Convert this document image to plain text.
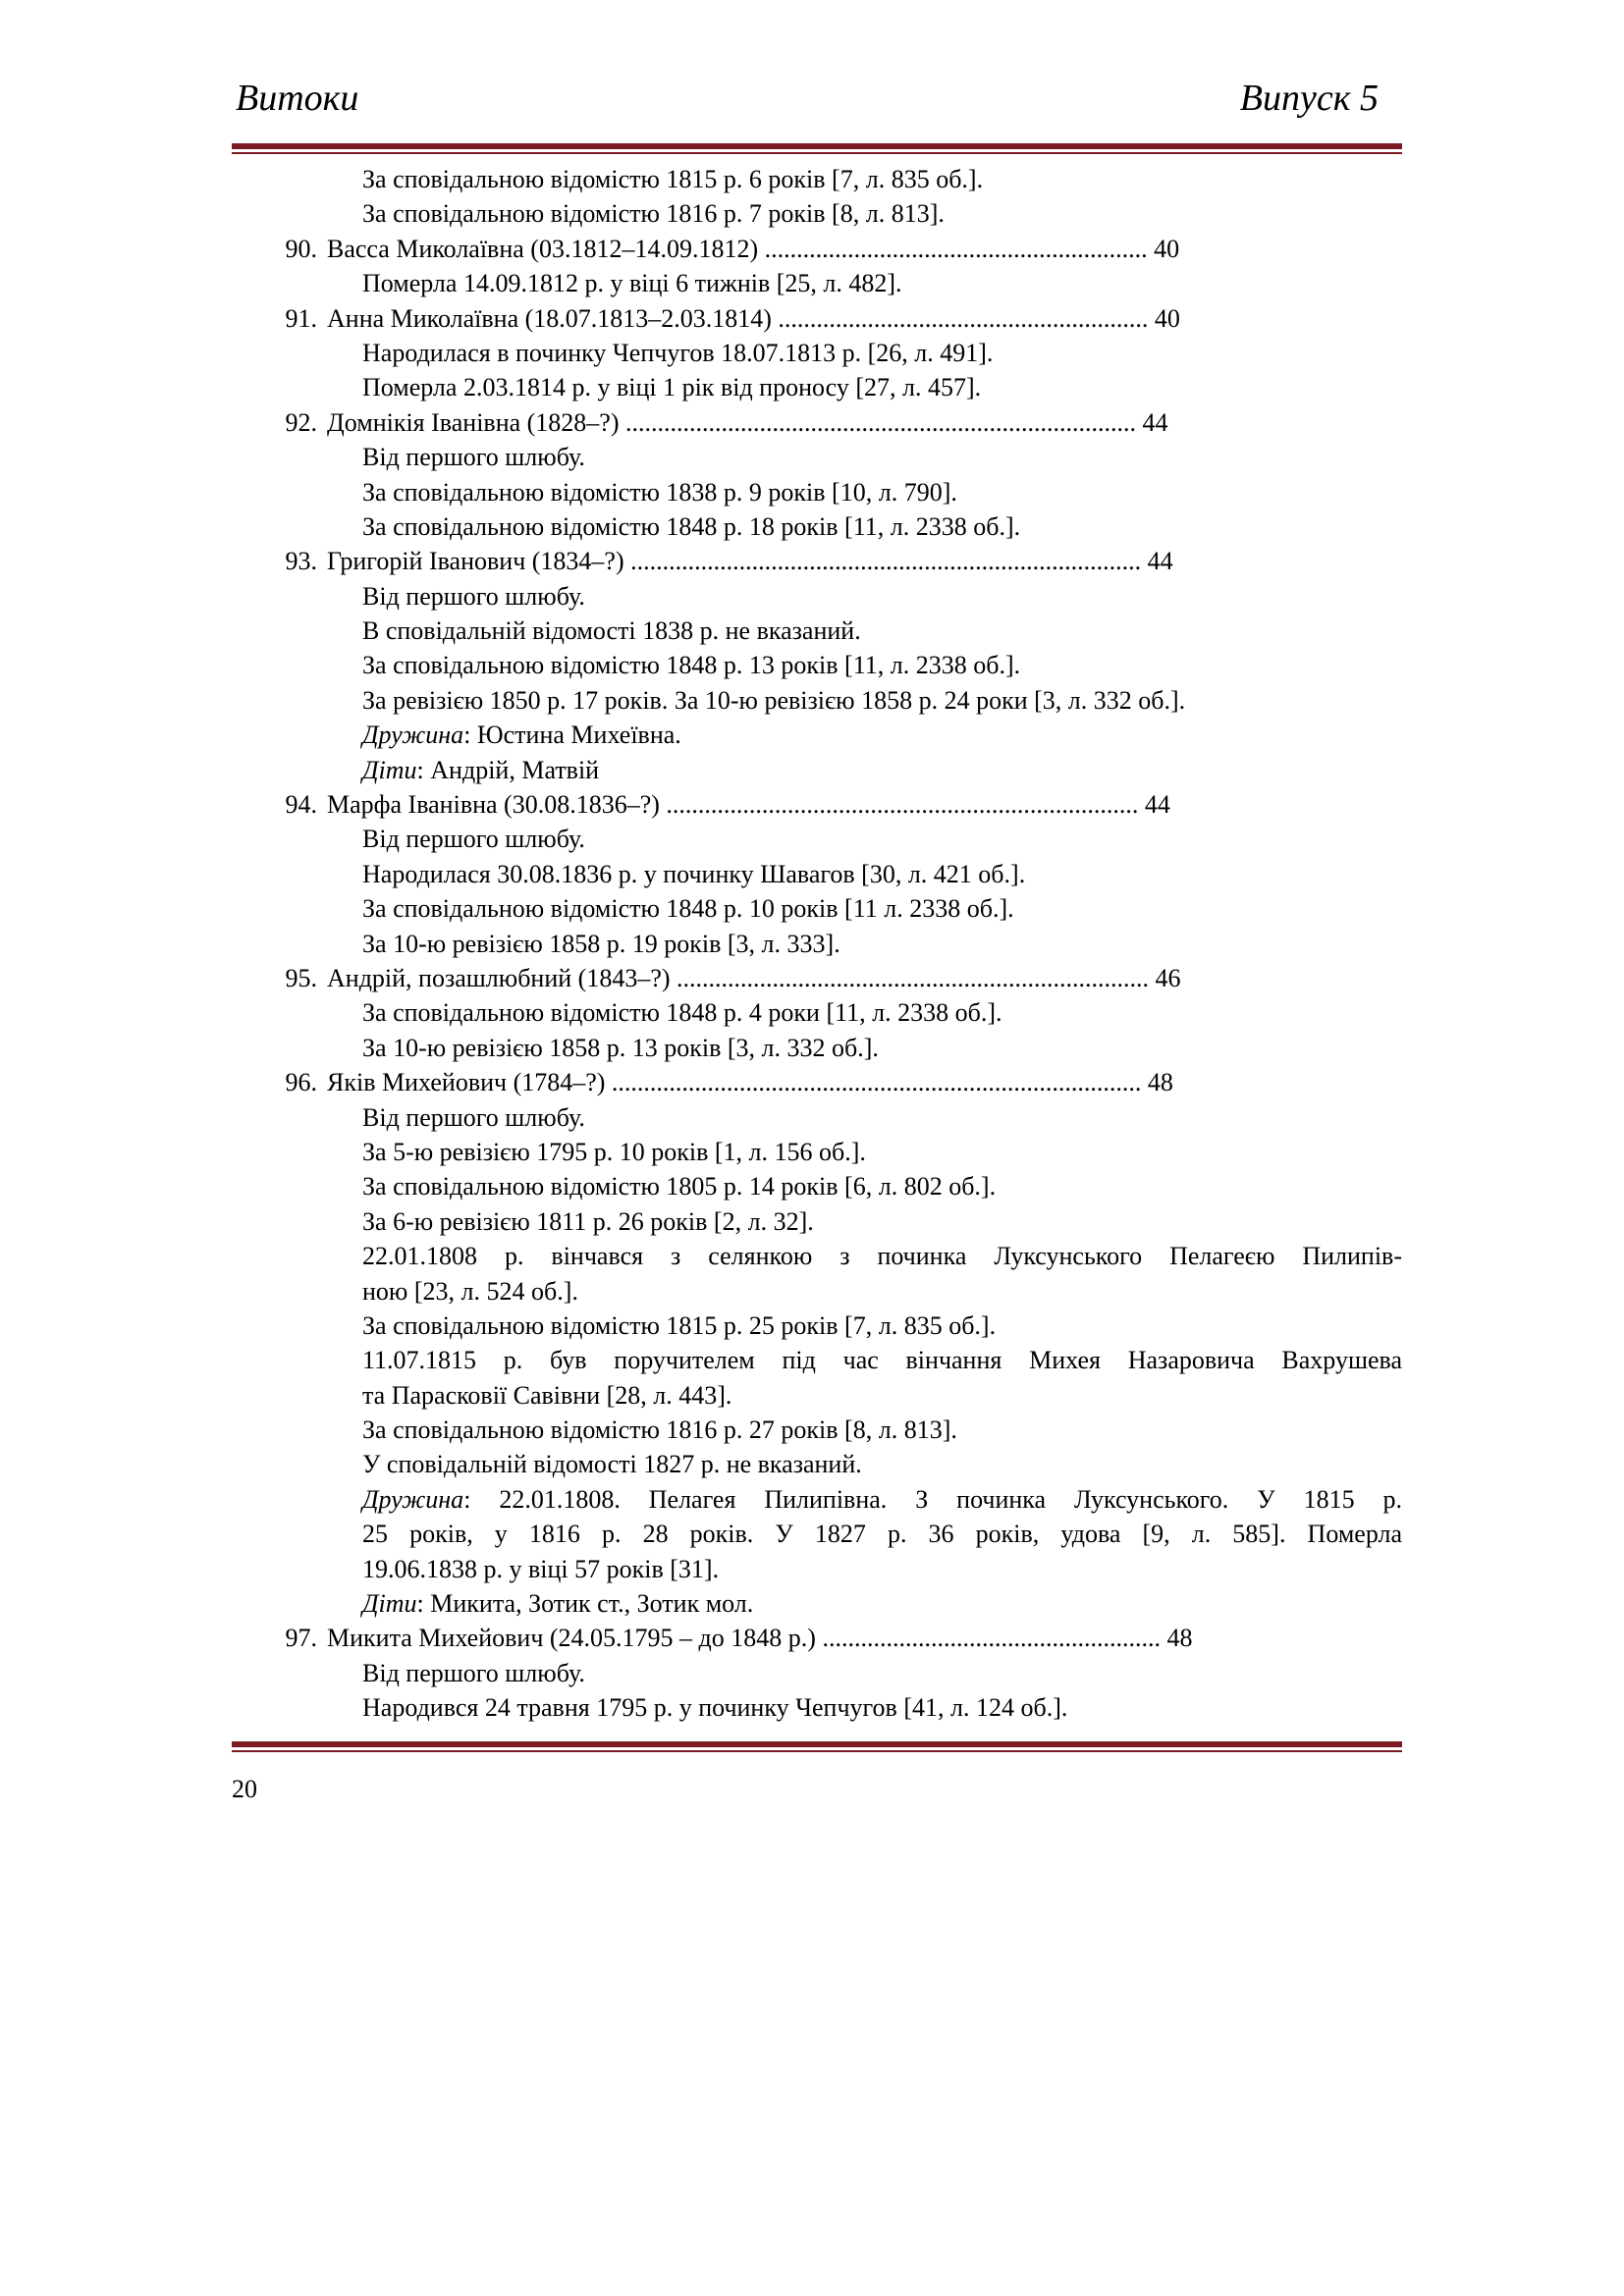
Витоки	Випуск 5
За сповідальною відомістю 1815 р. 6 років [7, л. 835 об.].
За сповідальною відомістю 1816 р. 7 років [8, л. 813].
90. Васса Миколаївна (03.1812–14.09.1812) ............................................................ 40
Померла 14.09.1812 р. у віці 6 тижнів [25, л. 482].
91. Анна Миколаївна (18.07.1813–2.03.1814) .......................................................... 40
Народилася в починку Чепчугов 18.07.1813 р. [26, л. 491].
Померла 2.03.1814 р. у віці 1 рік від проносу [27, л. 457].
92. Домнікія Іванівна (1828–?) ................................................................................ 44
Від першого шлюбу.
За сповідальною відомістю 1838 р. 9 років [10, л. 790].
За сповідальною відомістю 1848 р. 18 років [11, л. 2338 об.].
93. Григорій Іванович (1834–?) ................................................................................ 44
Від першого шлюбу.
В сповідальній відомості 1838 р. не вказаний.
За сповідальною відомістю 1848 р. 13 років [11, л. 2338 об.].
За ревізією 1850 р. 17 років. За 10-ю ревізією 1858 р. 24 роки [3, л. 332 об.].
Дружина: Юстина Михеївна.
Діти: Андрій, Матвій
94. Марфа Іванівна (30.08.1836–?) .......................................................................... 44
Від першого шлюбу.
Народилася 30.08.1836 р. у починку Шавагов [30, л. 421 об.].
За сповідальною відомістю 1848 р. 10 років [11 л. 2338 об.].
За 10-ю ревізією 1858 р. 19 років [3, л. 333].
95. Андрій, позашлюбний (1843–?) .......................................................................... 46
За сповідальною відомістю 1848 р. 4 роки [11, л. 2338 об.].
За 10-ю ревізією 1858 р. 13 років [3, л. 332 об.].
96. Яків Михейович (1784–?) ................................................................................... 48
Від першого шлюбу.
За 5-ю ревізією 1795 р. 10 років [1, л. 156 об.].
За сповідальною відомістю 1805 р. 14 років [6, л. 802 об.].
За 6-ю ревізією 1811 р. 26 років [2, л. 32].
22.01.1808 р. вінчався з селянкою з починка Луксунського Пелагеєю Пилипів-
ною [23, л. 524 об.].
За сповідальною відомістю 1815 р. 25 років [7, л. 835 об.].
11.07.1815 р. був поручителем під час вінчання Михея Назаровича Вахрушева
та Парасковії Савівни [28, л. 443].
За сповідальною відомістю 1816 р. 27 років [8, л. 813].
У сповідальній відомості 1827 р. не вказаний.
Дружина: 22.01.1808. Пелагея Пилипівна. З починка Луксунського. У 1815 р.
25 років, у 1816 р. 28 років. У 1827 р. 36 років, удова [9, л. 585]. Померла
19.06.1838 р. у віці 57 років [31].
Діти: Микита, Зотик ст., Зотик мол.
97. Микита Михейович (24.05.1795 – до 1848 р.) ..................................................... 48
Від першого шлюбу.
Народився 24 травня 1795 р. у починку Чепчугов [41, л. 124 об.].
20
